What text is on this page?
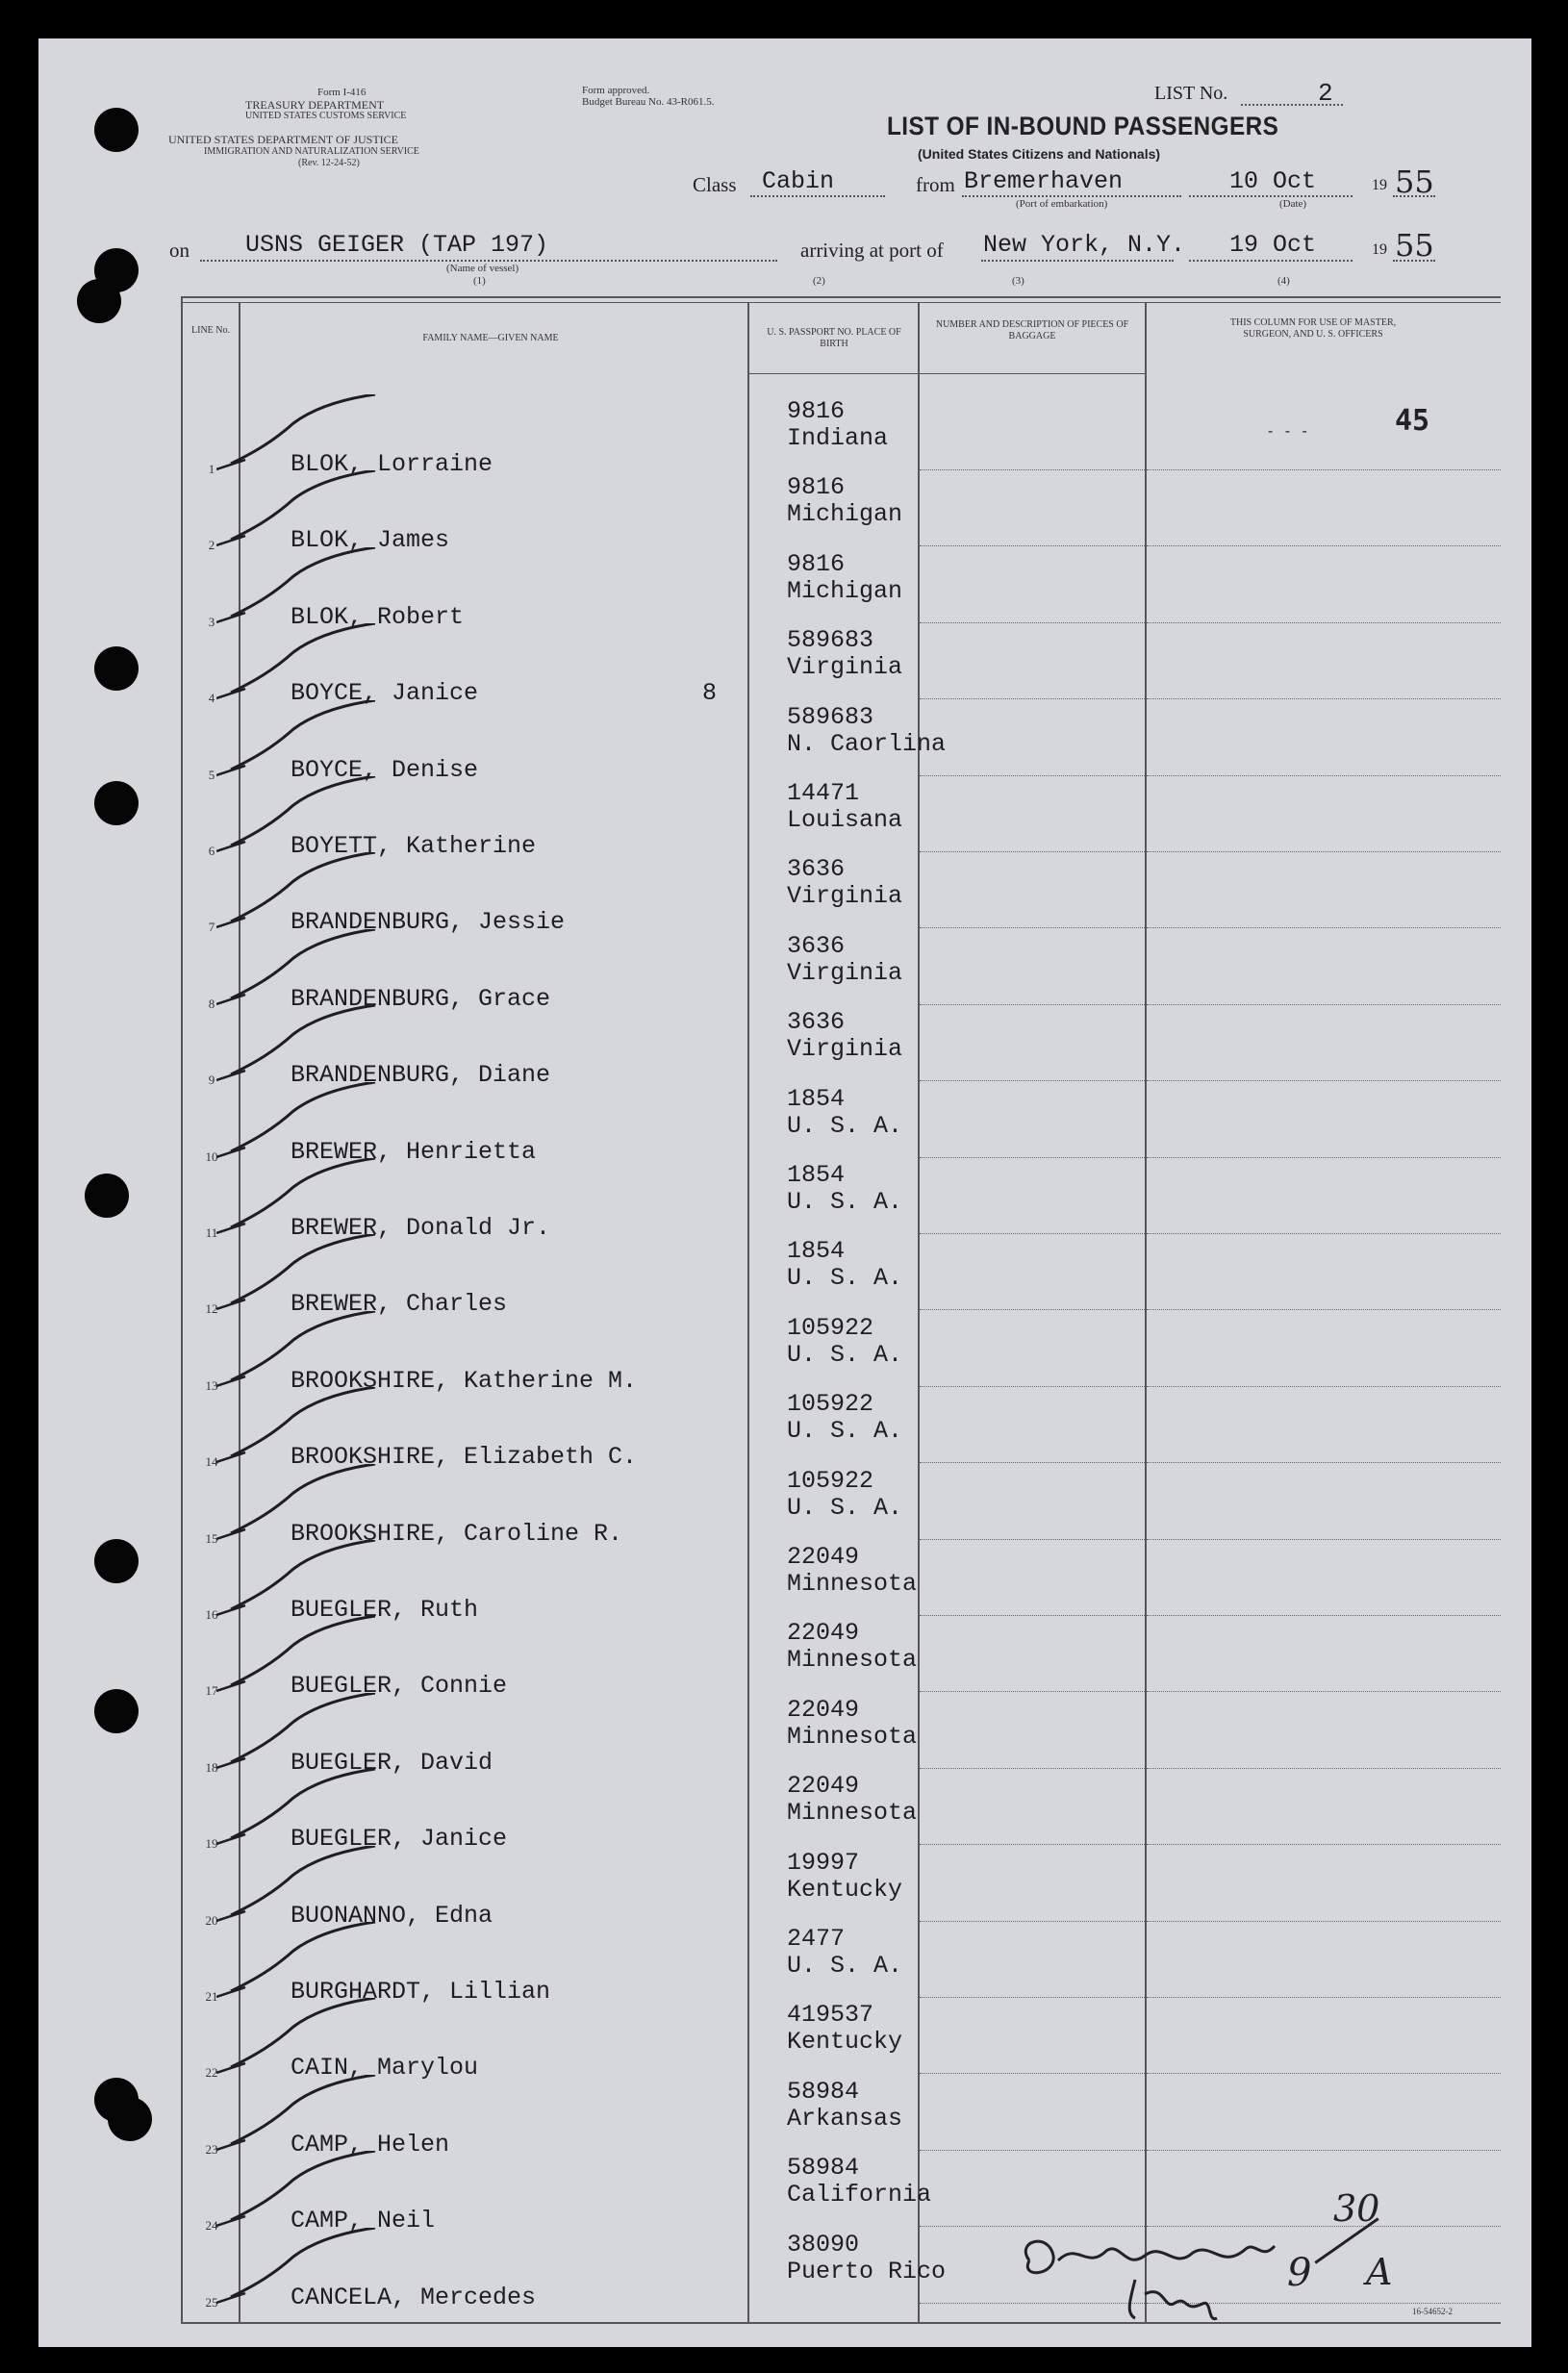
Form I-416
TREASURY DEPARTMENT
UNITED STATES CUSTOMS SERVICE
UNITED STATES DEPARTMENT OF JUSTICE
IMMIGRATION AND NATURALIZATION SERVICE
(Rev. 12-24-52)
Form approved.
Budget Bureau No. 43-R061.5.	LIST No.	2
LIST OF IN-BOUND PASSENGERS
(United States Citizens and Nationals)
Class Cabin	from Bremerhaven
(Port of embarkation)
10 Oct
(Date)
19 55
on USNS GEIGER (TAP 197)
(Name of vessel)
(1)
arriving at port of New York, N.Y. 19 Oct	19 55
(2)	(3)	(4)
LINE No.
FAMILY NAME—GIVEN NAME
U. S. PASSPORT NO. PLACE OF BIRTH
NUMBER AND DESCRIPTION OF PIECES OF BAGGAGE
THIS COLUMN FOR USE OF MASTER, SURGEON, AND U. S. OFFICERS
45
- - -
1	BLOK, Lorraine
9816
Indiana
2	BLOK, James
9816
Michigan
3	BLOK, Robert
9816
Michigan
4	BOYCE, Janice	8
589683
Virginia
5	BOYCE, Denise
589683
N. Caorlina
6	BOYETT, Katherine
14471
Louisana
7	BRANDENBURG, Jessie
3636
Virginia
8	BRANDENBURG, Grace
3636
Virginia
9	BRANDENBURG, Diane
3636
Virginia
10	BREWER, Henrietta
1854
U. S. A.
11	BREWER, Donald Jr.
1854
U. S. A.
12	BREWER, Charles
1854
U. S. A.
13	BROOKSHIRE, Katherine M.
105922
U. S. A.
14	BROOKSHIRE, Elizabeth C.
105922
U. S. A.
15	BROOKSHIRE, Caroline R.
105922
U. S. A.
16	BUEGLER, Ruth
22049
Minnesota
17	BUEGLER, Connie
22049
Minnesota
18	BUEGLER, David
22049
Minnesota
19	BUEGLER, Janice
22049
Minnesota
20	BUONANNO, Edna
19997
Kentucky
21	BURGHARDT, Lillian
2477
U. S. A.
22	CAIN, Marylou
419537
Kentucky
23	CAMP, Helen
58984
Arkansas
24	CAMP, Neil
58984
California
25	CANCELA, Mercedes
38090
Puerto Rico
30
A
9
16-54652-2
